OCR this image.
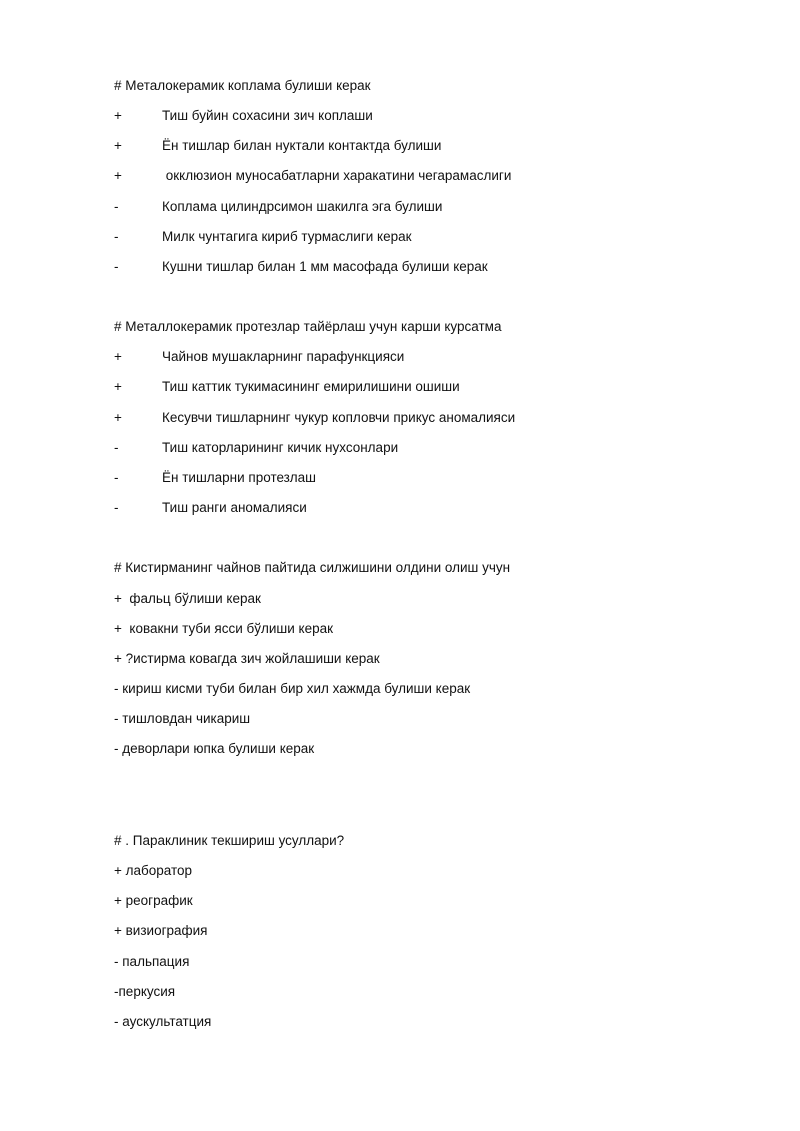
# Металокерамик коплама булиши керак
+	Тиш буйин сохасини зич коплаши
+	Ён тишлар билан нуктали контактда булиши
+	окклюзион муносабатларни харакатини чегарамаслиги
-	Коплама цилиндрсимон шакилга эга булиши
-	Милк чунтагига кириб турмаслиги керак
-	Кушни тишлар билан 1 мм масофада булиши керак
# Металлокерамик протезлар тайёрлаш учун карши курсатма
+	Чайнов мушакларнинг парафункцияси
+	Тиш каттик тукимасининг емирилишини ошиши
+	Кесувчи тишларнинг чукур копловчи прикус аномалияси
-	Тиш каторларининг кичик нухсонлари
-	Ён тишларни протезлаш
-	Тиш ранги аномалияси
# Кистирманинг чайнов пайтида силжишини олдини олиш учун
+  фальц бўлиши керак
+  ковакни туби ясси бўлиши керак
+ ?истирма ковагда зич жойлашиши керак
- кириш кисми туби билан бир хил хажмда булиши керак
- тишловдан чикариш
- деворлари юпка булиши керак
# . Параклиник текшириш усуллари?
+ лаборатор
+ реографик
+ визиография
- пальпация
-перкусия
- аускультатция
